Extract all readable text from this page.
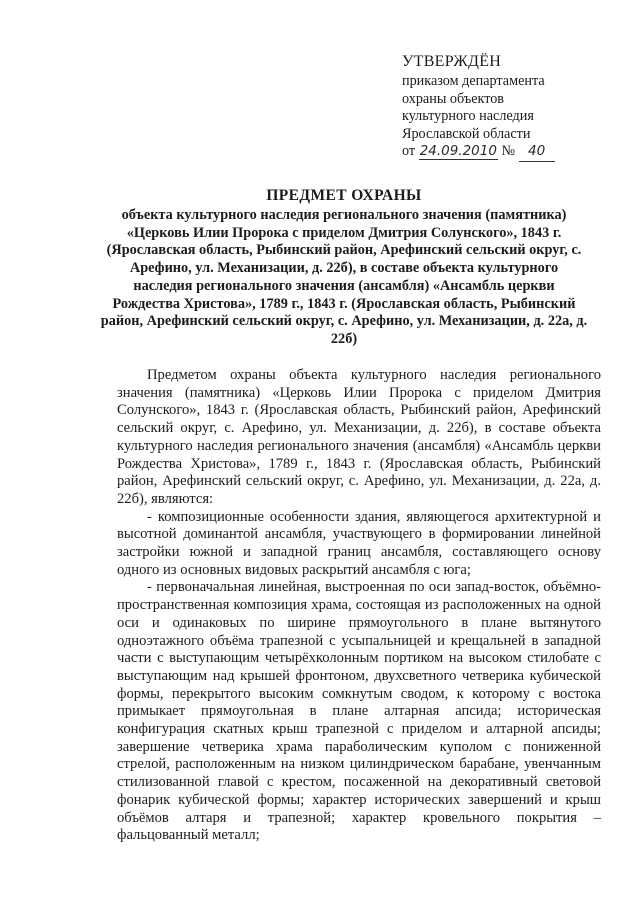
УТВЕРЖДЁН
приказом департамента
охраны объектов
культурного наследия
Ярославской области
от 24.09.2010 № 40
ПРЕДМЕТ ОХРАНЫ
объекта культурного наследия регионального значения (памятника) «Церковь Илии Пророка с приделом Дмитрия Солунского», 1843 г. (Ярославская область, Рыбинский район, Арефинский сельский округ, с. Арефино, ул. Механизации, д. 22б), в составе объекта культурного наследия регионального значения (ансамбля) «Ансамбль церкви Рождества Христова», 1789 г., 1843 г. (Ярославская область, Рыбинский район, Арефинский сельский округ, с. Арефино, ул. Механизации, д. 22а, д. 22б)

Предметом охраны объекта культурного наследия регионального значения (памятника) «Церковь Илии Пророка с приделом Дмитрия Солунского», 1843 г. (Ярославская область, Рыбинский район, Арефинский сельский округ, с. Арефино, ул. Механизации, д. 22б), в составе объекта культурного наследия регионального значения (ансамбля) «Ансамбль церкви Рождества Христова», 1789 г., 1843 г. (Ярославская область, Рыбинский район, Арефинский сельский округ, с. Арефино, ул. Механизации, д. 22а, д. 22б), являются:

- композиционные особенности здания, являющегося архитектурной и высотной доминантой ансамбля, участвующего в формировании линейной застройки южной и западной границ ансамбля, составляющего основу одного из основных видовых раскрытий ансамбля с юга;

- первоначальная линейная, выстроенная по оси запад-восток, объёмно-пространственная композиция храма, состоящая из расположенных на одной оси и одинаковых по ширине прямоугольного в плане вытянутого одноэтажного объёма трапезной с усыпальницей и крещальней в западной части с выступающим четырёхколонным портиком на высоком стилобате с выступающим над крышей фронтоном, двухсветного четверика кубической формы, перекрытого высоким сомкнутым сводом, к которому с востока примыкает прямоугольная в плане алтарная апсида; историческая конфигурация скатных крыш трапезной с приделом и алтарной апсиды; завершение четверика храма параболическим куполом с пониженной стрелой, расположенным на низком цилиндрическом барабане, увенчанным стилизованной главой с крестом, посаженной на декоративный световой фонарик кубической формы; характер исторических завершений и крыш объёмов алтаря и трапезной; характер кровельного покрытия – фальцованный металл;
